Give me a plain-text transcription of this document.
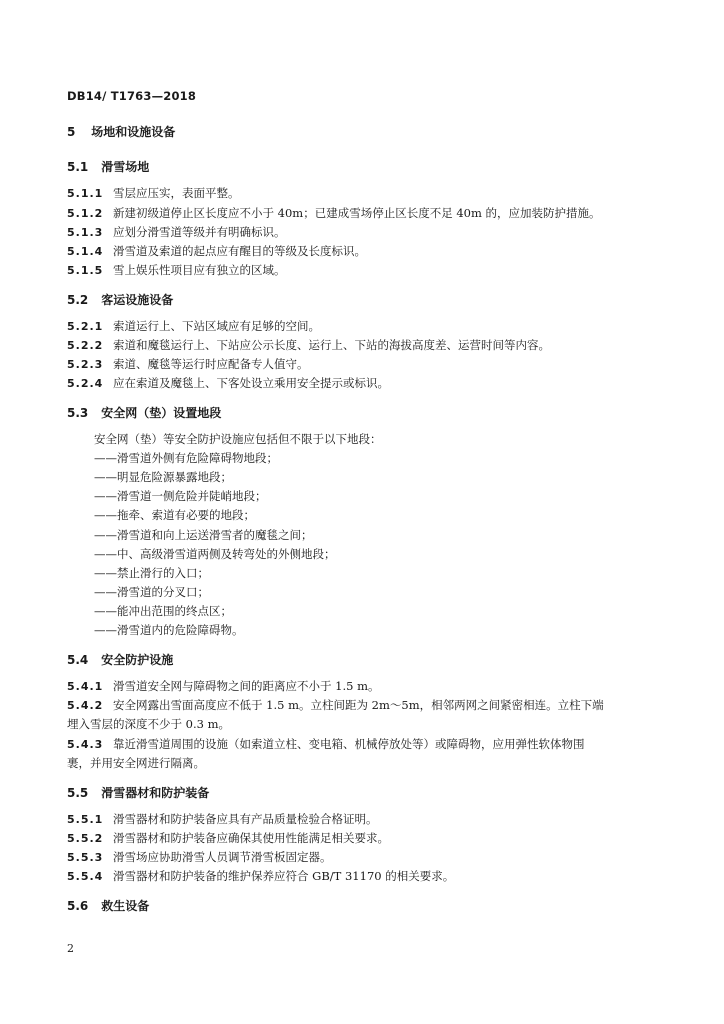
DB14/ T1763—2018
5 场地和设施设备
5.1 滑雪场地
5.1.1 雪层应压实，表面平整。
5.1.2 新建初级道停止区长度应不小于 40m；已建成雪场停止区长度不足 40m 的，应加装防护措施。
5.1.3 应划分滑雪道等级并有明确标识。
5.1.4 滑雪道及索道的起点应有醒目的等级及长度标识。
5.1.5 雪上娱乐性项目应有独立的区域。
5.2 客运设施设备
5.2.1 索道运行上、下站区域应有足够的空间。
5.2.2 索道和魔毯运行上、下站应公示长度、运行上、下站的海拔高度差、运营时间等内容。
5.2.3 索道、魔毯等运行时应配备专人值守。
5.2.4 应在索道及魔毯上、下客处设立乘用安全提示或标识。
5.3 安全网（垫）设置地段
安全网（垫）等安全防护设施应包括但不限于以下地段：
——滑雪道外侧有危险障碍物地段；
——明显危险源暴露地段；
——滑雪道一侧危险并陡峭地段；
——拖牵、索道有必要的地段；
——滑雪道和向上运送滑雪者的魔毯之间；
——中、高级滑雪道两侧及转弯处的外侧地段；
——禁止滑行的入口；
——滑雪道的分叉口；
——能冲出范围的终点区；
——滑雪道内的危险障碍物。
5.4 安全防护设施
5.4.1 滑雪道安全网与障碍物之间的距离应不小于 1.5 m。
5.4.2 安全网露出雪面高度应不低于 1.5 m。立柱间距为 2m～5m，相邻两网之间紧密相连。立柱下端
埋入雪层的深度不少于 0.3 m。
5.4.3 靠近滑雪道周围的设施（如索道立柱、变电箱、机械停放处等）或障碍物，应用弹性软体物围
裹，并用安全网进行隔离。
5.5 滑雪器材和防护装备
5.5.1 滑雪器材和防护装备应具有产品质量检验合格证明。
5.5.2 滑雪器材和防护装备应确保其使用性能满足相关要求。
5.5.3 滑雪场应协助滑雪人员调节滑雪板固定器。
5.5.4 滑雪器材和防护装备的维护保养应符合 GB/T 31170 的相关要求。
5.6 救生设备
2
